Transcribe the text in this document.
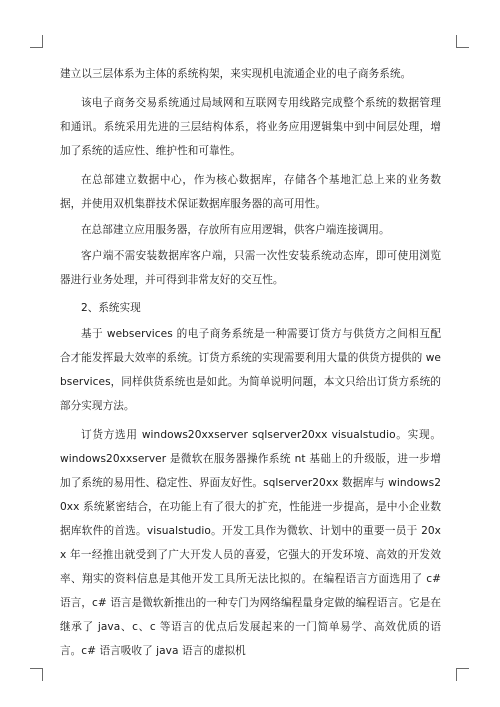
建立以三层体系为主体的系统构架，来实现机电流通企业的电子商务系统。

该电子商务交易系统通过局域网和互联网专用线路完成整个系统的数据管理和通讯。系统采用先进的三层结构体系，将业务应用逻辑集中到中间层处理，增加了系统的适应性、维护性和可靠性。

在总部建立数据中心，作为核心数据库，存储各个基地汇总上来的业务数据，并使用双机集群技术保证数据库服务器的高可用性。

在总部建立应用服务器，存放所有应用逻辑，供客户端连接调用。

客户端不需安装数据库客户端，只需一次性安装系统动态库，即可使用浏览器进行业务处理，并可得到非常友好的交互性。

2、系统实现

基于 webservices 的电子商务系统是一种需要订货方与供货方之间相互配合才能发挥最大效率的系统。订货方系统的实现需要利用大量的供货方提供的 webservices，同样供货系统也是如此。为简单说明问题，本文只给出订货方系统的部分实现方法。

订货方选用 windows20xxserver sqlserver20xx visualstudio。实现。windows20xxserver 是微软在服务器操作系统 nt 基础上的升级版，进一步增加了系统的易用性、稳定性、界面友好性。sqlserver20xx 数据库与 windows20xx 系统紧密结合，在功能上有了很大的扩充，性能进一步提高，是中小企业数据库软件的首选。visualstudio。开发工具作为微软、计划中的重要一员于 20xx 年一经推出就受到了广大开发人员的喜爱，它强大的开发环境、高效的开发效率、翔实的资料信息是其他开发工具所无法比拟的。在编程语言方面选用了 c# 语言，c# 语言是微软新推出的一种专门为网络编程量身定做的编程语言。它是在继承了 java、c、c 等语言的优点后发展起来的一门简单易学、高效优质的语言。c# 语言吸收了 java 语言的虚拟机
